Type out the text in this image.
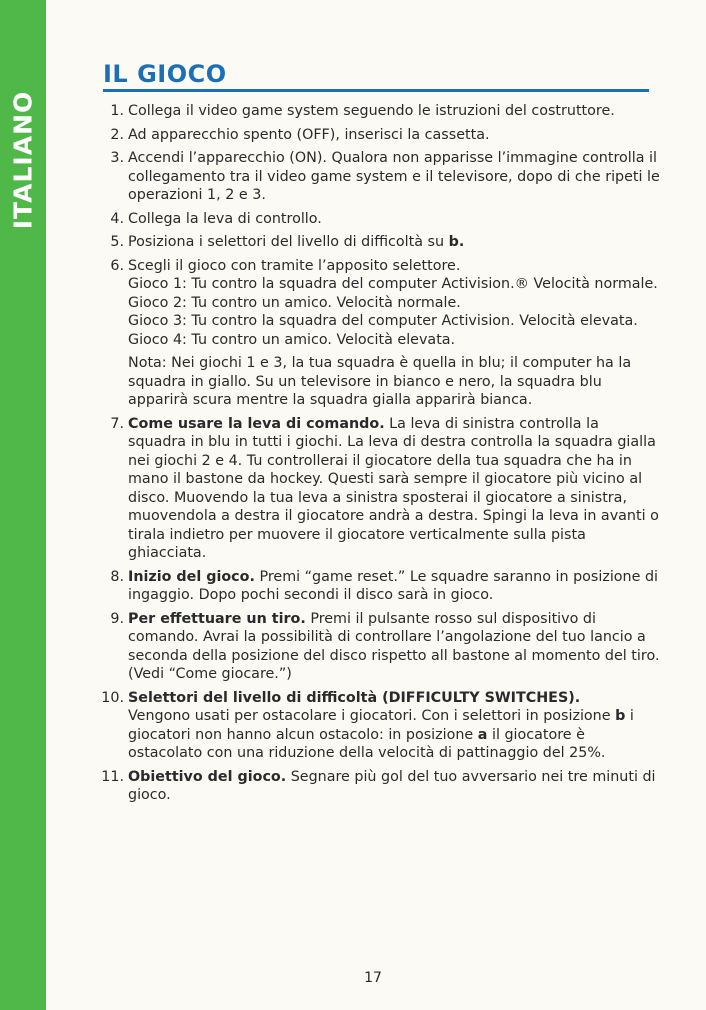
ITALIANO
IL GIOCO
1. Collega il video game system seguendo le istruzioni del costruttore.
2. Ad apparecchio spento (OFF), inserisci la cassetta.
3. Accendi l’apparecchio (ON). Qualora non apparisse l’immagine controlla il collegamento tra il video game system e il televisore, dopo di che ripeti le operazioni 1, 2 e 3.
4. Collega la leva di controllo.
5. Posiziona i selettori del livello di difficoltà su b.
6. Scegli il gioco con tramite l’apposito selettore.
Gioco 1: Tu contro la squadra del computer Activision.® Velocità normale.
Gioco 2: Tu contro un amico. Velocità normale.
Gioco 3: Tu contro la squadra del computer Activision. Velocità elevata.
Gioco 4: Tu contro un amico. Velocità elevata.
Nota: Nei giochi 1 e 3, la tua squadra è quella in blu; il computer ha la squadra in giallo. Su un televisore in bianco e nero, la squadra blu apparirà scura mentre la squadra gialla apparirà bianca.
7. Come usare la leva di comando. La leva di sinistra controlla la squadra in blu in tutti i giochi. La leva di destra controlla la squadra gialla nei giochi 2 e 4. Tu controllerai il giocatore della tua squadra che ha in mano il bastone da hockey. Questi sarà sempre il giocatore più vicino al disco. Muovendo la tua leva a sinistra sposterai il giocatore a sinistra, muovendola a destra il giocatore andrà a destra. Spingi la leva in avanti o tirala indietro per muovere il giocatore verticalmente sulla pista ghiacciata.
8. Inizio del gioco. Premi “game reset.” Le squadre saranno in posizione di ingaggio. Dopo pochi secondi il disco sarà in gioco.
9. Per effettuare un tiro. Premi il pulsante rosso sul dispositivo di comando. Avrai la possibilità di controllare l’angolazione del tuo lancio a seconda della posizione del disco rispetto all bastone al momento del tiro. (Vedi “Come giocare.”)
10. Selettori del livello di difficoltà (DIFFICULTY SWITCHES).
Vengono usati per ostacolare i giocatori. Con i selettori in posizione b i giocatori non hanno alcun ostacolo: in posizione a il giocatore è ostacolato con una riduzione della velocità di pattinaggio del 25%.
11. Obiettivo del gioco. Segnare più gol del tuo avversario nei tre minuti di gioco.
17
